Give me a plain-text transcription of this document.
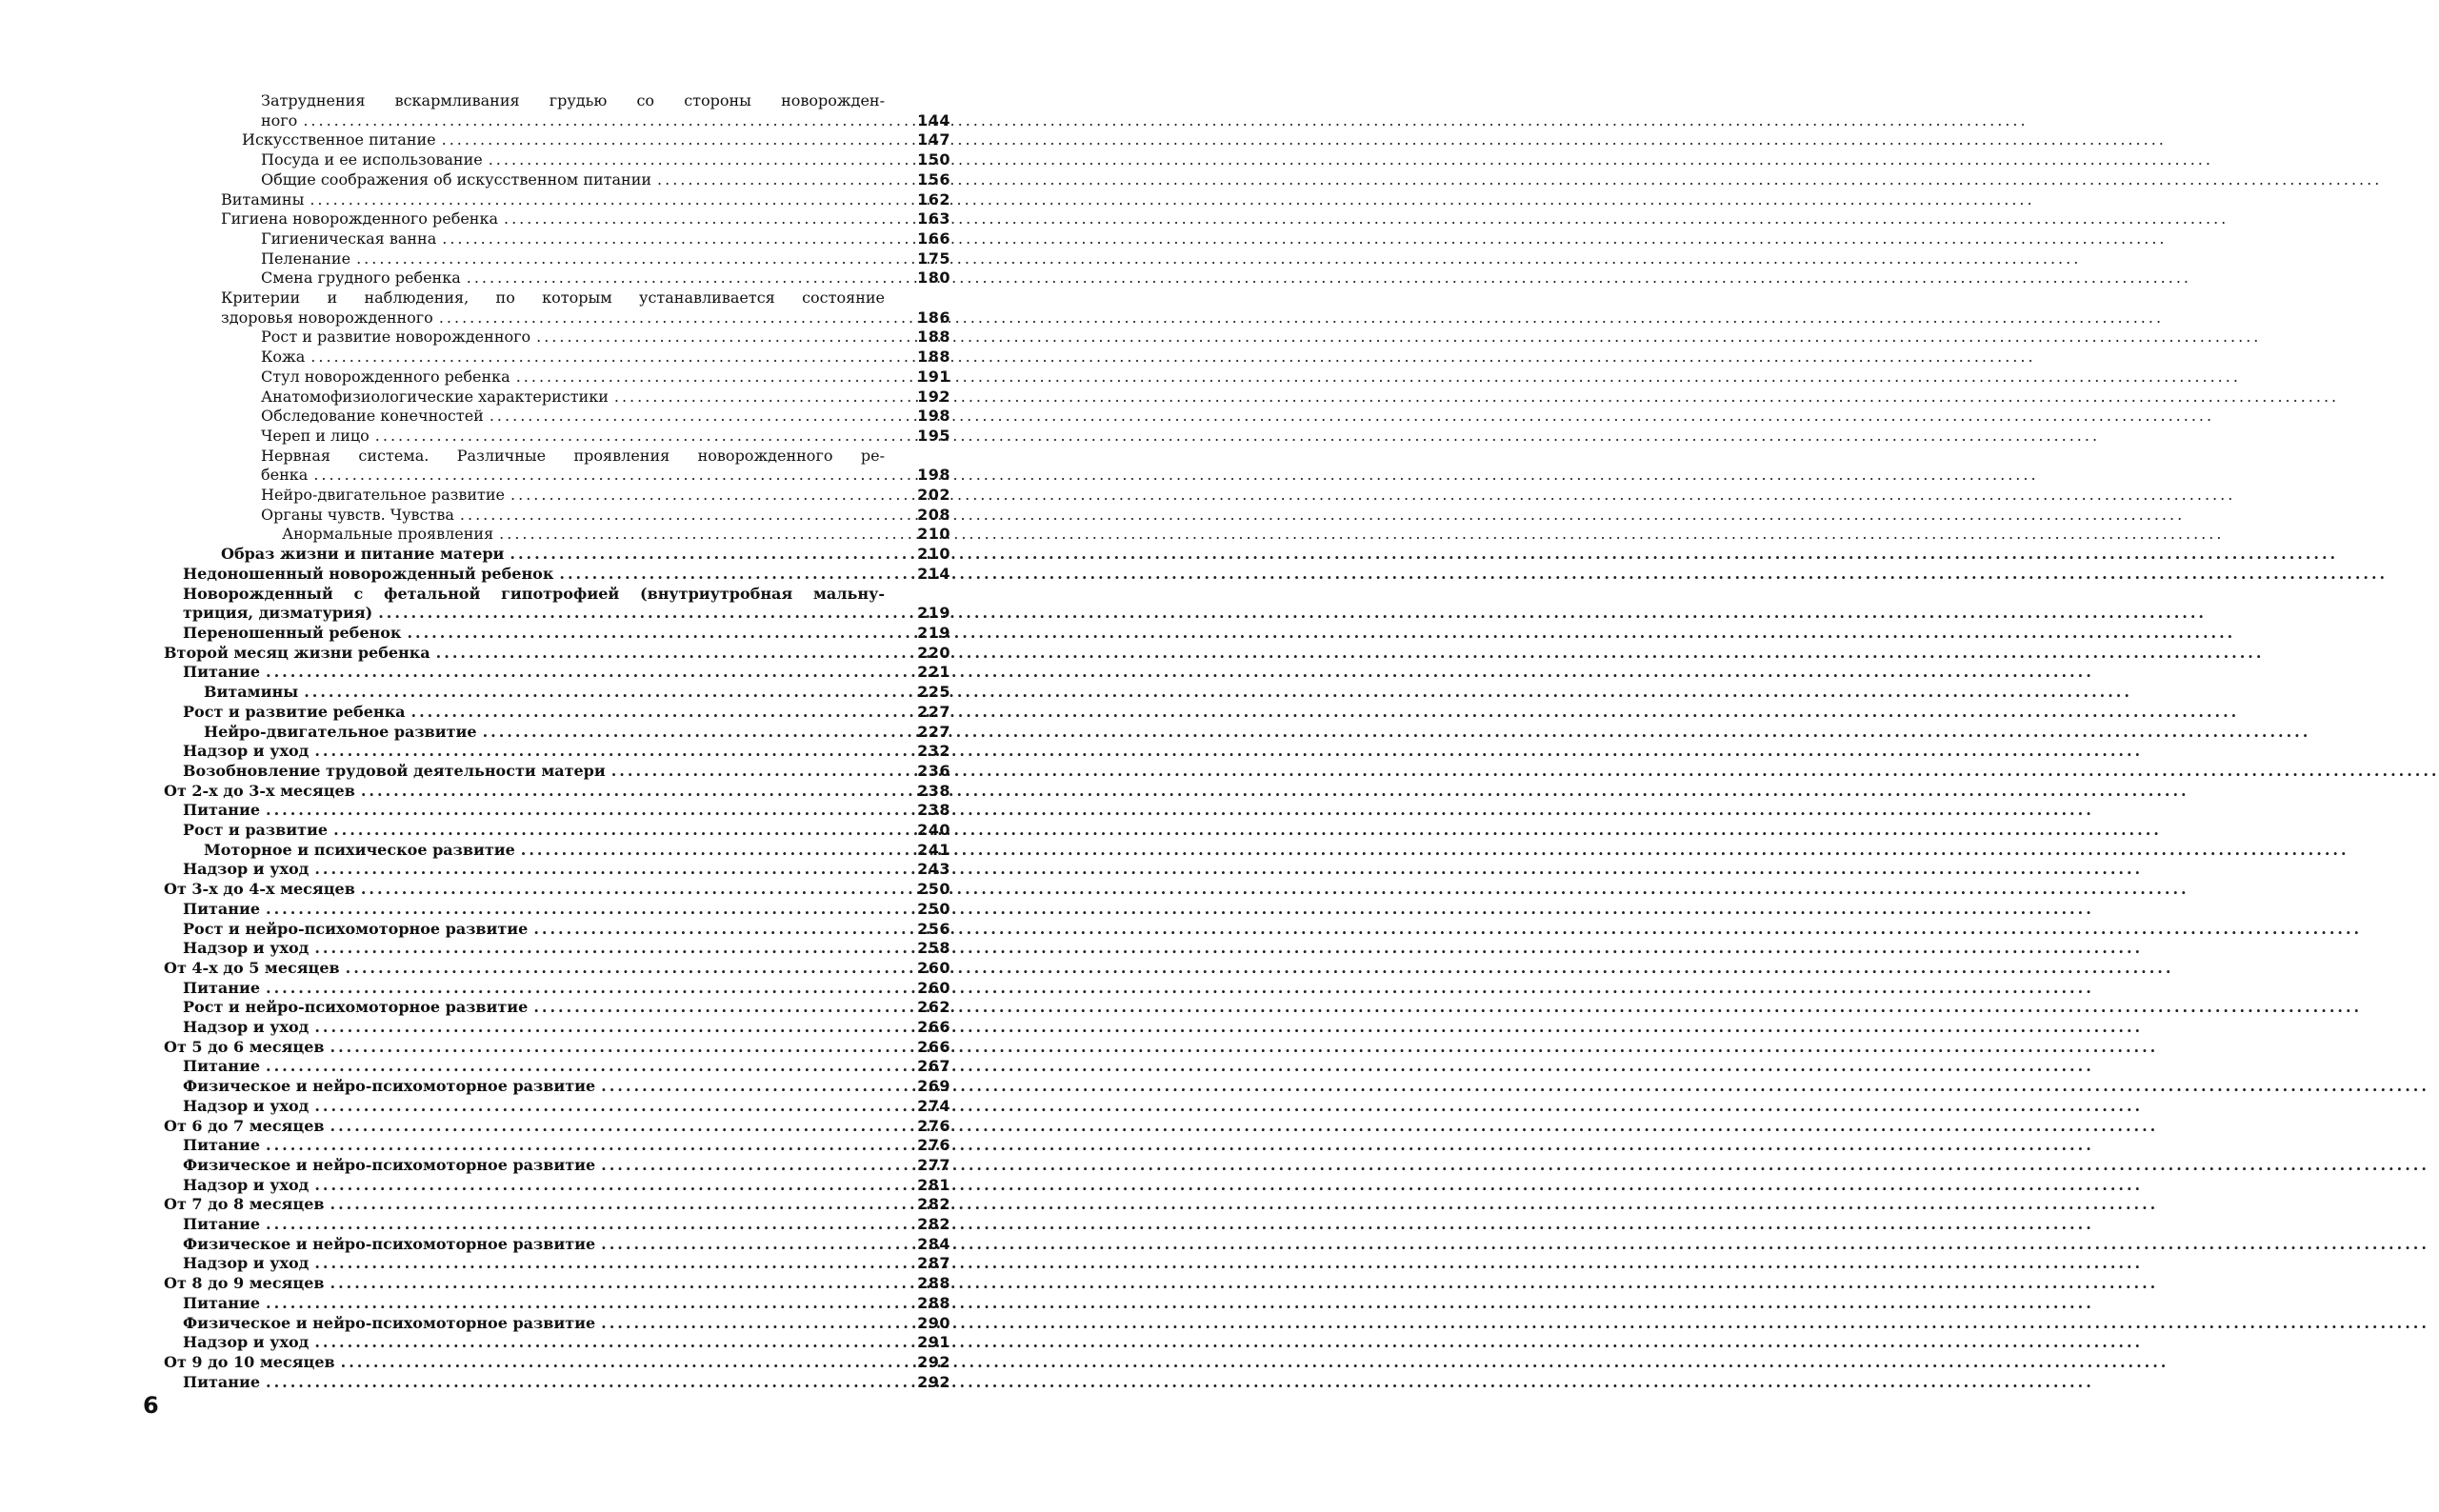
Затруднения вскармливания грудью со стороны новорожден-
ного .....	144
Искусственное питание .....	147
Посуда и ее использование .....	150
Общие соображения об искусственном питании .....	156
Витамины .....	162
Гигиена новорожденного ребенка .....	163
Гигиеническая ванна .....	166
Пеленание .....	175
Смена грудного ребенка .....	180
Критерии и наблюдения, по которым устанавливается состояние
здоровья новорожденного .....	186
Рост и развитие новорожденного .....	188
Кожа .....	188
Стул новорожденного ребенка .....	191
Анатомофизиологические характеристики .....	192
Обследование конечностей .....	198
Череп и лицо .....	195
Нервная система. Различные проявления новорожденного ре-
бенка .....	198
Нейро-двигательное развитие .....	202
Органы чувств. Чувства .....	208
Анормальные проявления .....	210
Образ жизни и питание матери .....	210
Недоношенный новорожденный ребенок .....	214
Новорожденный с фетальной гипотрофией (внутриутробная мальну-
триция, дизматурия) .....	219
Переношенный ребенок .....	219
Второй месяц жизни ребенка .....	220
Питание .....	221
Витамины .....	225
Рост и развитие ребенка .....	227
Нейро-двигательное развитие .....	227
Надзор и уход .....	232
Возобновление трудовой деятельности матери .....	236
От 2-х до 3-х месяцев .....	238
Питание .....	238
Рост и развитие .....	240
Моторное и психическое развитие .....	241
Надзор и уход .....	243
От 3-х до 4-х месяцев .....	250
Питание .....	250
Рост и нейро-психомоторное развитие .....	256
Надзор и уход .....	258
От 4-х до 5 месяцев .....	260
Питание .....	260
Рост и нейро-психомоторное развитие .....	262
Надзор и уход .....	266
От 5 до 6 месяцев .....	266
Питание .....	267
Физическое и нейро-психомоторное развитие .....	269
Надзор и уход .....	274
От 6 до 7 месяцев .....	276
Питание .....	276
Физическое и нейро-психомоторное развитие .....	277
Надзор и уход .....	281
От 7 до 8 месяцев .....	282
Питание .....	282
Физическое и нейро-психомоторное развитие .....	284
Надзор и уход .....	287
От 8 до 9 месяцев .....	288
Питание .....	288
Физическое и нейро-психомоторное развитие .....	290
Надзор и уход .....	291
От 9 до 10 месяцев .....	292
Питание .....	292
6
